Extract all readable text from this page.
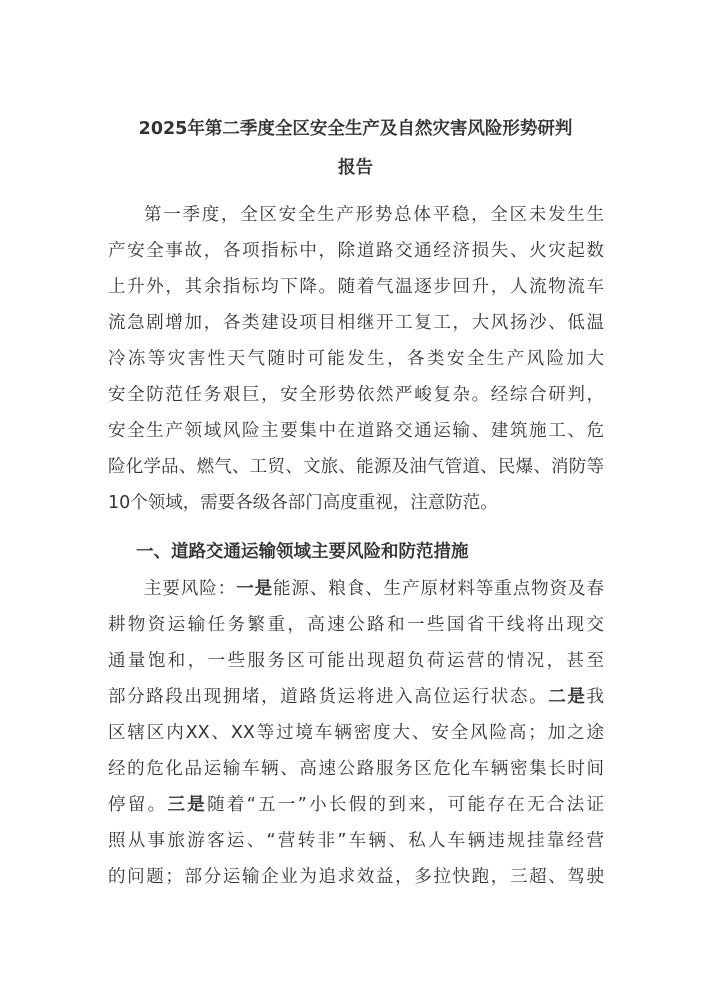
2025年第二季度全区安全生产及自然灾害风险形势研判
报告
第一季度，全区安全生产形势总体平稳，全区未发生生
产安全事故，各项指标中，除道路交通经济损失、火灾起数
上升外，其余指标均下降。随着气温逐步回升，人流物流车
流急剧增加，各类建设项目相继开工复工，大风扬沙、低温
冷冻等灾害性天气随时可能发生，各类安全生产风险加大
安全防范任务艰巨，安全形势依然严峻复杂。经综合研判，
安全生产领域风险主要集中在道路交通运输、建筑施工、危
险化学品、燃气、工贸、文旅、能源及油气管道、民爆、消防等
10个领域，需要各级各部门高度重视，注意防范。
一、道路交通运输领域主要风险和防范措施
主要风险：一是能源、粮食、生产原材料等重点物资及春
耕物资运输任务繁重，高速公路和一些国省干线将出现交
通量饱和，一些服务区可能出现超负荷运营的情况，甚至
部分路段出现拥堵，道路货运将进入高位运行状态。二是我
区辖区内XX、XX等过境车辆密度大、安全风险高；加之途
经的危化品运输车辆、高速公路服务区危化车辆密集长时间
停留。三是随着“五一”小长假的到来，可能存在无合法证
照从事旅游客运、“营转非”车辆、私人车辆违规挂靠经营
的问题；部分运输企业为追求效益，多拉快跑，三超、驾驶
